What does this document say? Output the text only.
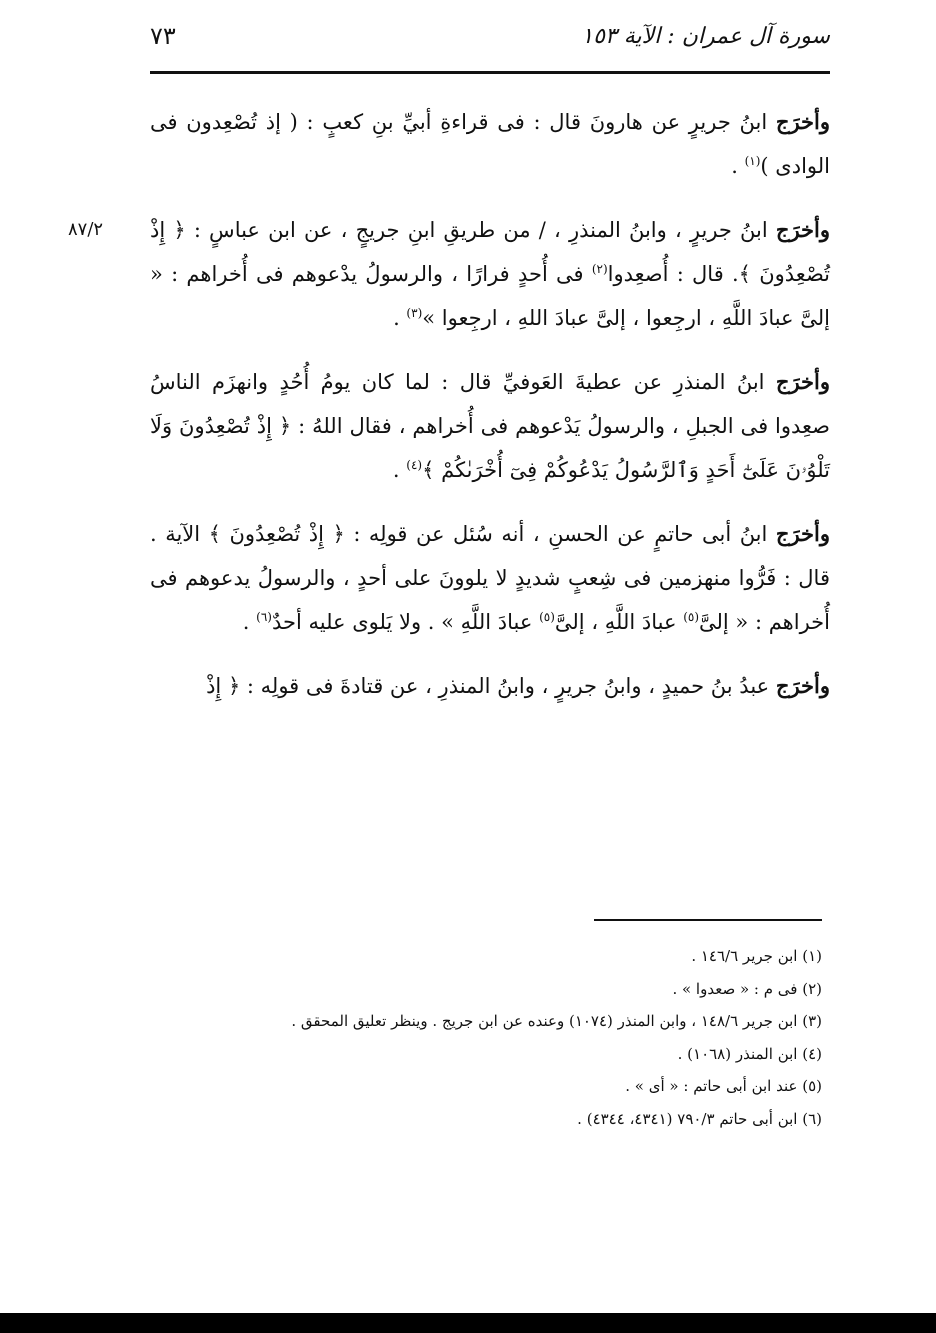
سورة آل عمران : الآية ١٥٣
٧٣

وأخرَج ابنُ جريرٍ عن هارونَ قال : فى قراءةِ أبيِّ بنِ كعبٍ : ( إذ تُصْعِدون فى الوادى )$^{(١)}$ .

٨٧/٢	وأخرَج ابنُ جريرٍ ، وابنُ المنذرِ ، / من طريقِ ابنِ جريجٍ ، عن ابن عباسٍ : ﴿ إِذْ تُصْعِدُونَ ﴾. قال : أُصعِدوا$^{(٢)}$ فى أُحدٍ فرارًا ، والرسولُ يدْعوهم فى أُخراهم : « إلىَّ عبادَ اللَّهِ ، ارجِعوا ، إلىَّ عبادَ اللهِ ، ارجِعوا »$^{(٣)}$ .

وأخرَج ابنُ المنذرِ عن عطيةَ العَوفيِّ قال : لما كان يومُ أُحُدٍ وانهزَم الناسُ صعِدوا فى الجبلِ ، والرسولُ يَدْعوهم فى أُخراهم ، فقال اللهُ : ﴿ إِذْ تُصْعِدُونَ وَلَا تَلْوُۥنَ عَلَىٰٓ أَحَدٍ وَٱلرَّسُولُ يَدْعُوكُمْ فِىٓ أُخْرَىٰكُمْ ﴾$^{(٤)}$ .

وأخرَج ابنُ أبى حاتمٍ عن الحسنِ ، أنه سُئل عن قولِه : ﴿ إِذْ تُصْعِدُونَ ﴾ الآية . قال : فَرُّوا منهزمين فى شِعبٍ شديدٍ لا يلوونَ على أحدٍ ، والرسولُ يدعوهم فى أُخراهم : « إلىَّ$^{(٥)}$ عبادَ اللَّهِ ، إلىَّ$^{(٥)}$ عبادَ اللَّهِ » . ولا يَلوى عليه أحدٌ$^{(٦)}$ .

وأخرَج عبدُ بنُ حميدٍ ، وابنُ جريرٍ ، وابنُ المنذرِ ، عن قتادةَ فى قولِه : ﴿ إِذْ

(١) ابن جرير ١٤٦/٦ .
(٢) فى م : « صعدوا » .
(٣) ابن جرير ١٤٨/٦ ، وابن المنذر (١٠٧٤) وعنده عن ابن جريج . وينظر تعليق المحقق .
(٤) ابن المنذر (١٠٦٨) .
(٥) عند ابن أبى حاتم : « أى » .
(٦) ابن أبى حاتم ٧٩٠/٣ (٤٣٤١، ٤٣٤٤) .
